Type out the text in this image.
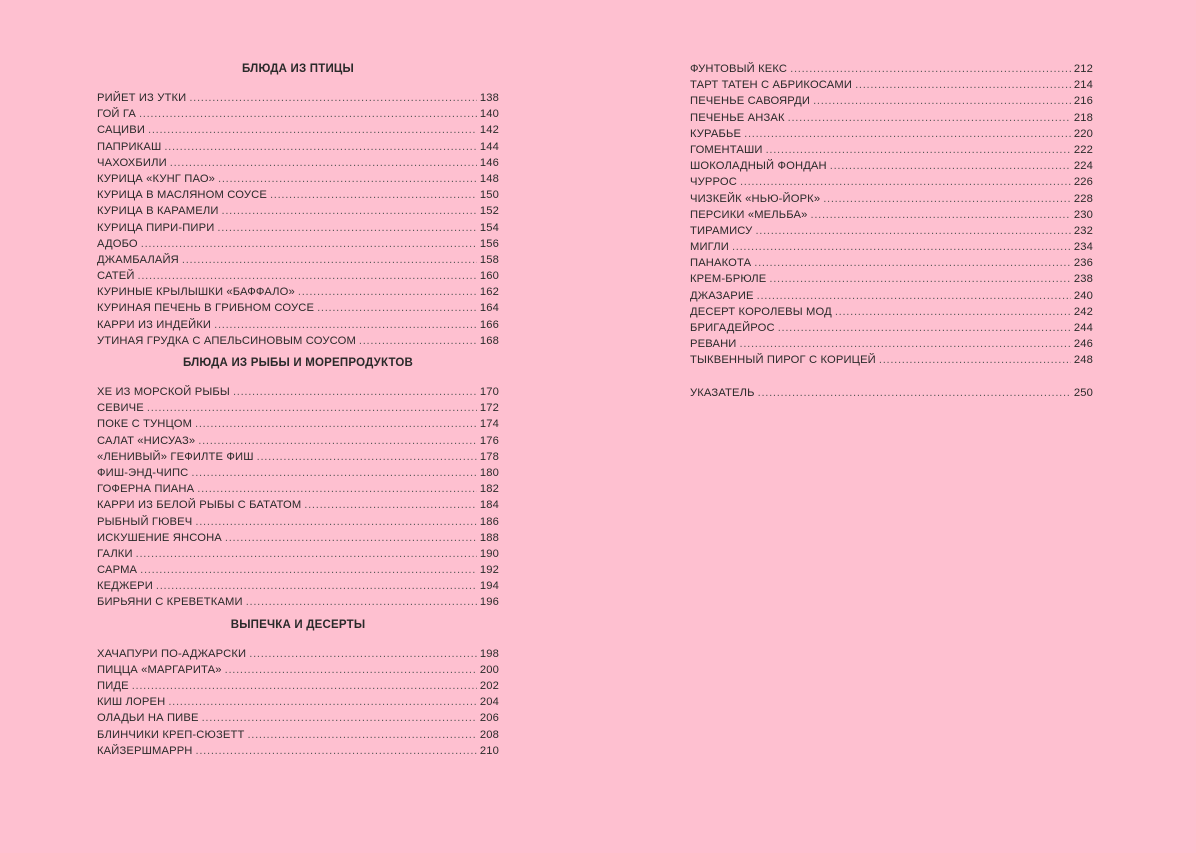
БЛЮДА ИЗ ПТИЦЫ
РИЙЕТ ИЗ УТКИ . . .	138
ГОЙ ГА . . .	140
САЦИВИ . . .	142
ПАПРИКАШ . . .	144
ЧАХОХБИЛИ . . .	146
КУРИЦА «КУНГ ПАО» . . .	148
КУРИЦА В МАСЛЯНОМ СОУСЕ . . .	150
КУРИЦА В КАРАМЕЛИ . . .	152
КУРИЦА ПИРИ-ПИРИ . . .	154
АДОБО . . .	156
ДЖАМБАЛАЙЯ . . .	158
САТЕЙ . . .	160
КУРИНЫЕ КРЫЛЫШКИ «БАФФАЛО» . . .	162
КУРИНАЯ ПЕЧЕНЬ В ГРИБНОМ СОУСЕ . . .	164
КАРРИ ИЗ ИНДЕЙКИ . . .	166
УТИНАЯ ГРУДКА С АПЕЛЬСИНОВЫМ СОУСОМ . . .	168
БЛЮДА ИЗ РЫБЫ И МОРЕПРОДУКТОВ
ХЕ ИЗ МОРСКОЙ РЫБЫ . . .	170
СЕВИЧЕ . . .	172
ПОКЕ С ТУНЦОМ . . .	174
САЛАТ «НИСУАЗ» . . .	176
«ЛЕНИВЫЙ» ГЕФИЛТЕ ФИШ . . .	178
ФИШ-ЭНД-ЧИПС . . .	180
ГОФЕРНА ПИАНА . . .	182
КАРРИ ИЗ БЕЛОЙ РЫБЫ С БАТАТОМ . . .	184
РЫБНЫЙ ГЮВЕЧ . . .	186
ИСКУШЕНИЕ ЯНСОНА . . .	188
ГАЛКИ . . .	190
САРМА . . .	192
КЕДЖЕРИ . . .	194
БИРЬЯНИ С КРЕВЕТКАМИ . . .	196
ВЫПЕЧКА И ДЕСЕРТЫ
ХАЧАПУРИ ПО-АДЖАРСКИ . . .	198
ПИЦЦА «МАРГАРИТА» . . .	200
ПИДЕ . . .	202
КИШ ЛОРЕН . . .	204
ОЛАДЬИ НА ПИВЕ . . .	206
БЛИНЧИКИ КРЕП-СЮЗЕТТ . . .	208
КАЙЗЕРШМАРРН . . .	210
ФУНТОВЫЙ КЕКС . . .	212
ТАРТ ТАТЕН С АБРИКОСАМИ . . .	214
ПЕЧЕНЬЕ САВОЯРДИ . . .	216
ПЕЧЕНЬЕ АНЗАК . . .	218
КУРАБЬЕ . . .	220
ГОМЕНТАШИ . . .	222
ШОКОЛАДНЫЙ ФОНДАН . . .	224
ЧУРРОС . . .	226
ЧИЗКЕЙК «НЬЮ-ЙОРК» . . .	228
ПЕРСИКИ «МЕЛЬБА» . . .	230
ТИРАМИСУ . . .	232
МИГЛИ . . .	234
ПАНАКОТА . . .	236
КРЕМ-БРЮЛЕ . . .	238
ДЖАЗАРИЕ . . .	240
ДЕСЕРТ КОРОЛЕВЫ МОД . . .	242
БРИГАДЕЙРОС . . .	244
РЕВАНИ . . .	246
ТЫКВЕННЫЙ ПИРОГ С КОРИЦЕЙ . . .	248
УКАЗАТЕЛЬ . . .	250
